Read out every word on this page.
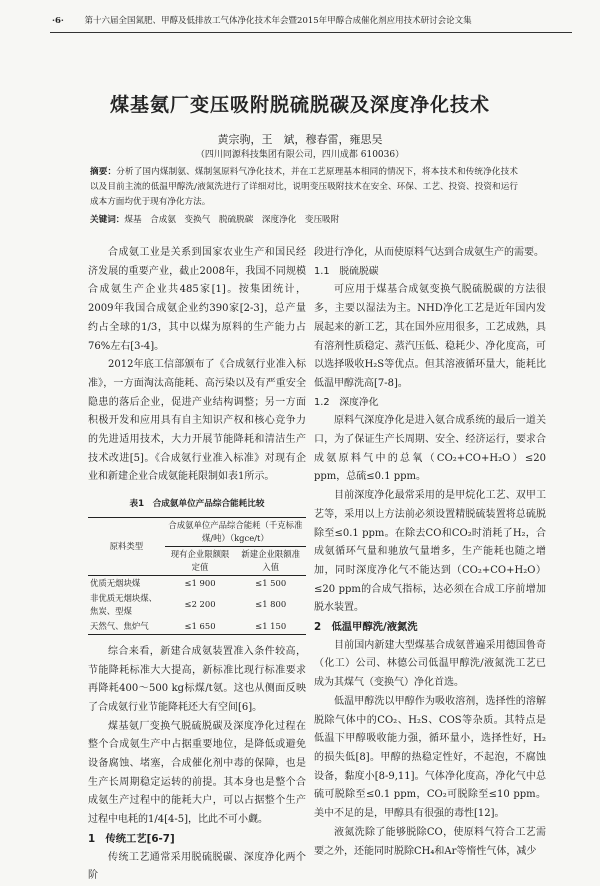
·6· 第十六届全国氮肥、甲醇及低排放工气体净化技术年会暨2015年甲醇合成催化剂应用技术研讨会论文集
煤基氨厂变压吸附脱硫脱碳及深度净化技术
黄宗驹，王　斌，穆春雷，雍思吴
（四川同源科技集团有限公司，四川成都 610036）
摘要：分析了国内煤制氨、煤制氢原料气净化技术，并在工艺原理基本相同的情况下，将本技术和传统净化技术以及目前主流的低温甲醇洗/液氮洗进行了详细对比，说明变压吸附技术在安全、环保、工艺、投资、投资和运行成本方面均优于现有净化方法。
关键词：煤基　合成氨　变换气　脱硫脱碳　深度净化　变压吸附

合成氨工业是关系到国家农业生产和国民经济发展的重要产业，截止2008年，我国不同规模合成氨生产企业共485家[1]。按集团统计，2009年我国合成氨企业约390家[2-3]，总产量约占全球的1/3，其中以煤为原料的生产能力占76%左右[3-4]。

2012年底工信部颁布了《合成氨行业准入标准》，一方面淘汰高能耗、高污染以及有严重安全隐患的落后企业，促进产业结构调整；另一方面积极开发和应用具有自主知识产权和核心竞争力的先进适用技术，大力开展节能降耗和清洁生产技术改进[5]。《合成氨行业准入标准》对现有企业和新建企业合成氨能耗限制如表1所示。

表1　合成氨单位产品综合能耗比较
原料类型	合成氨单位产品综合能耗（千克标准煤/吨）（kgce/t）	
	现有企业限额限定值	新建企业限额准入值
优质无烟块煤	≤1 900	≤1 500
非优质无烟块煤、焦炭、型煤	≤2 200	≤1 800
天然气、焦炉气	≤1 650	≤1 150

综合来看，新建合成氨装置准入条件较高，节能降耗标准大大提高，新标准比现行标准要求再降耗400～500 kg标煤/t氨。这也从侧面反映了合成氨行业节能降耗还大有空间[6]。

煤基氨厂变换气脱硫脱碳及深度净化过程在整个合成氨生产中占据重要地位，是降低或避免设备腐蚀、堵塞，合成催化剂中毒的保障，也是生产长周期稳定运转的前提。其本身也是整个合成氨生产过程中的能耗大户，可以占据整个生产过程中电耗的1/4[4-5]，比此不可小觑。

1　传统工艺[6-7]

传统工艺通常采用脱硫脱碳、深度净化两个阶

段进行净化，从而使原料气达到合成氨生产的需要。

1.1　脱硫脱碳

可应用于煤基合成氨变换气脱硫脱碳的方法很多，主要以湿法为主。NHD净化工艺是近年国内发展起来的新工艺，其在国外应用很多，工艺成熟，具有溶剂性质稳定、蒸汽压低、稳耗少、净化度高，可以选择吸收H₂S等优点。但其溶液循环量大，能耗比低温甲醇洗高[7-8]。

1.2　深度净化

原料气深度净化是进入氨合成系统的最后一道关口，为了保证生产长周期、安全、经济运行，要求合成氨原料气中的总氧（CO₂+CO+H₂O）≤20 ppm，总硫≤0.1 ppm。

目前深度净化最常采用的是甲烷化工艺、双甲工艺等，采用以上方法前必须设置精脱硫装置将总硫脱除至≤0.1 ppm。在除去CO和CO₂时消耗了H₂，合成氨循环气量和驰放气量增多，生产能耗也随之增加，同时深度净化气不能达到（CO₂+CO+H₂O）≤20 ppm的合成气指标，达必须在合成工序前增加脱水装置。

2　低温甲醇洗/液氮洗

目前国内新建大型煤基合成氨普遍采用德国鲁奇（化工）公司、林德公司低温甲醇洗/液氮洗工艺已成为其煤气（变换气）净化首选。

低温甲醇洗以甲醇作为吸收溶剂，选择性的溶解脱除气体中的CO₂、H₂S、COS等杂质。其特点是低温下甲醇吸收能力强，循环量小，选择性好，H₂的损失低[8]。甲醇的热稳定性好，不起泡，不腐蚀设备，黏度小[8-9,11]。气体净化度高，净化气中总硫可脱除至≤0.1 ppm，CO₂可脱除至≤10 ppm。美中不足的是，甲醇具有很强的毒性[12]。

液氮洗除了能够脱除CO，使原料气符合工艺需要之外，还能同时脱除CH₄和Ar等惰性气体，减少
